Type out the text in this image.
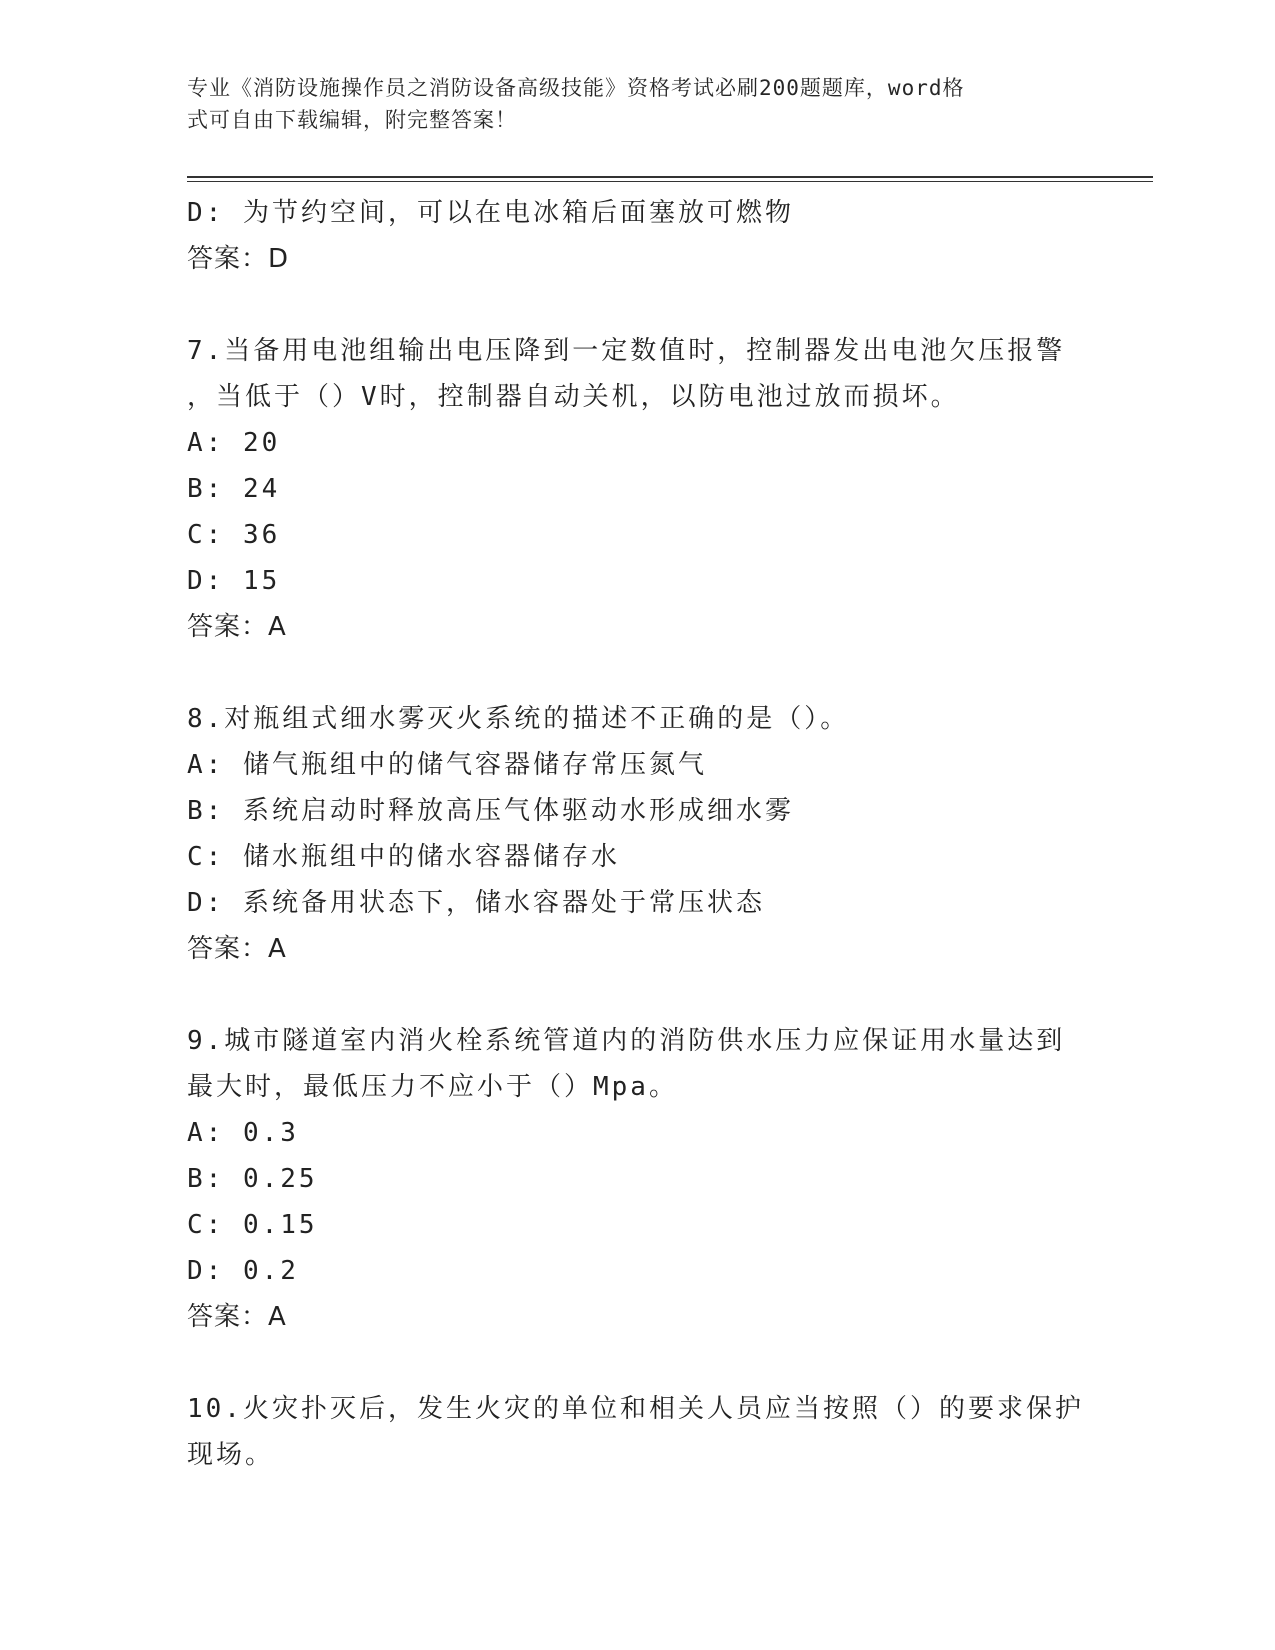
专业《消防设施操作员之消防设备高级技能》资格考试必刷200题题库，word格
式可自由下载编辑，附完整答案！
D: 为节约空间，可以在电冰箱后面塞放可燃物
答案：D
7.当备用电池组输出电压降到一定数值时，控制器发出电池欠压报警
，当低于（）V时，控制器自动关机，以防电池过放而损坏。
A: 20
B: 24
C: 36
D: 15
答案：A
8.对瓶组式细水雾灭火系统的描述不正确的是（）。
A: 储气瓶组中的储气容器储存常压氮气
B: 系统启动时释放高压气体驱动水形成细水雾
C: 储水瓶组中的储水容器储存水
D: 系统备用状态下，储水容器处于常压状态
答案：A
9.城市隧道室内消火栓系统管道内的消防供水压力应保证用水量达到
最大时，最低压力不应小于（）Mpa。
A: 0.3
B: 0.25
C: 0.15
D: 0.2
答案：A
10.火灾扑灭后，发生火灾的单位和相关人员应当按照（）的要求保护
现场。
